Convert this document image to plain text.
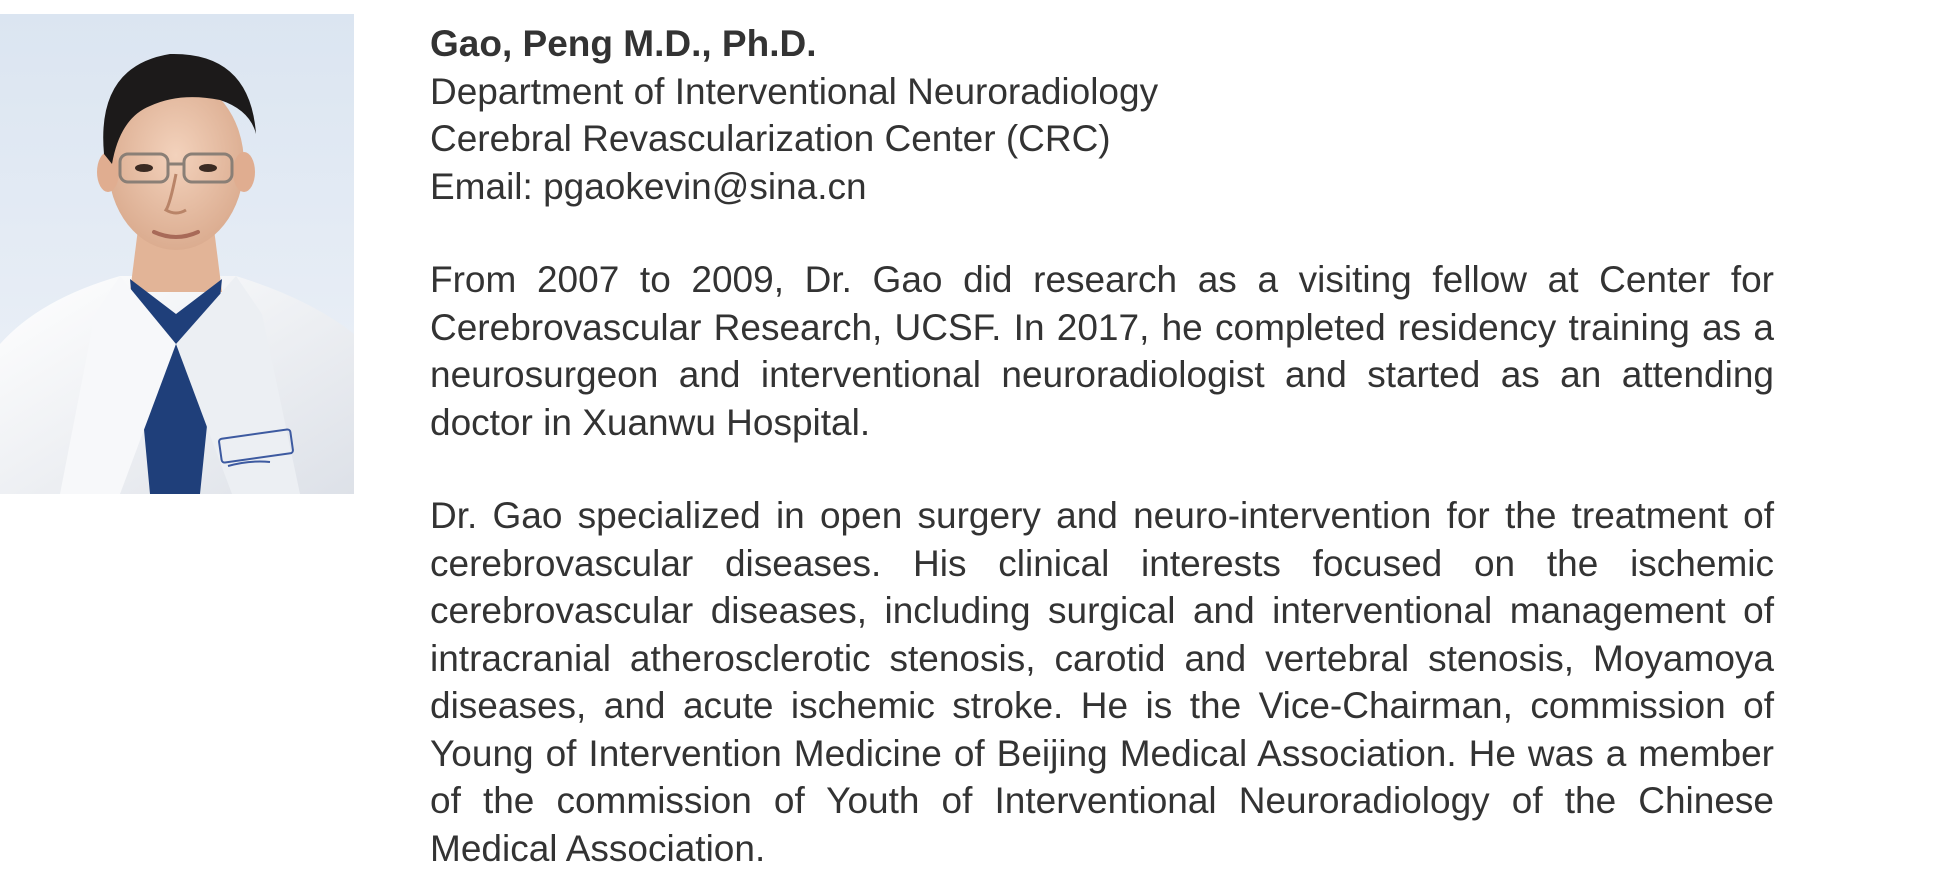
Gao, Peng M.D., Ph.D.

Department of Interventional Neuroradiology

Cerebral Revascularization Center (CRC)

Email: pgaokevin@sina.cn

From 2007 to 2009, Dr. Gao did research as a visiting fellow at Center for Cerebrovascular Research, UCSF. In 2017, he completed residency training as a neurosurgeon and interventional neuroradiologist and started as an attending doctor in Xuanwu Hospital.

Dr. Gao specialized in open surgery and neuro-intervention for the treatment of cerebrovascular diseases. His clinical interests focused on the ischemic cerebrovascular diseases, including surgical and interventional management of intracranial atherosclerotic stenosis, carotid and vertebral stenosis, Moyamoya diseases, and acute ischemic stroke. He is the Vice-Chairman, commission of Young of Intervention Medicine of Beijing Medical Association. He was a member of the commission of Youth of Interventional Neuroradiology of the Chinese Medical Association.
